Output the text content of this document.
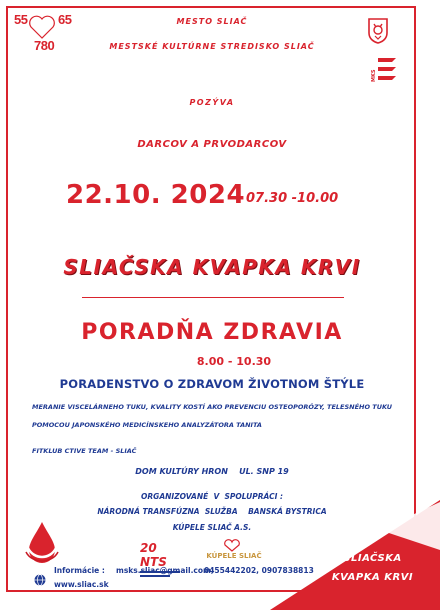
55 65
780
MESTO SLIAČ
MESTSKÉ KULTÚRNE STREDISKO SLIAČ
MKS
POZÝVA
DARCOV A PRVODARCOV
22.10. 2024 07.30 -10.00
SLIAČSKA KVAPKA KRVI
PORADŇA ZDRAVIA
8.00 - 10.30
PORADENSTVO O ZDRAVOM ŽIVOTNOM ŠTÝLE
MERANIE VISCELÁRNEHO TUKU, KVALITY KOSTÍ AKO PREVENCIU OSTEOPORÓZY, TELESNÉHO TUKU
POMOCOU JAPONSKÉHO MEDICÍNSKEHO ANALYZÁTORA TANITA
FITKLUB CTIVE TEAM - SLIAČ
DOM KULTÚRY HRON    UL. SNP 19
ORGANIZOVANÉ  V  SPOLUPRÁCI :
NÁRODNÁ TRANSFÚZNA  SLUŽBA    BANSKÁ BYSTRICA
KÚPELE SLIAČ A.S.
20 NTS	KÚPELE SLIAČ	SLIAČSKA
KVAPKA KRVI
Informácie : msks.sliac@gmail.com,
0455442202, 0907838813
www.sliac.sk
